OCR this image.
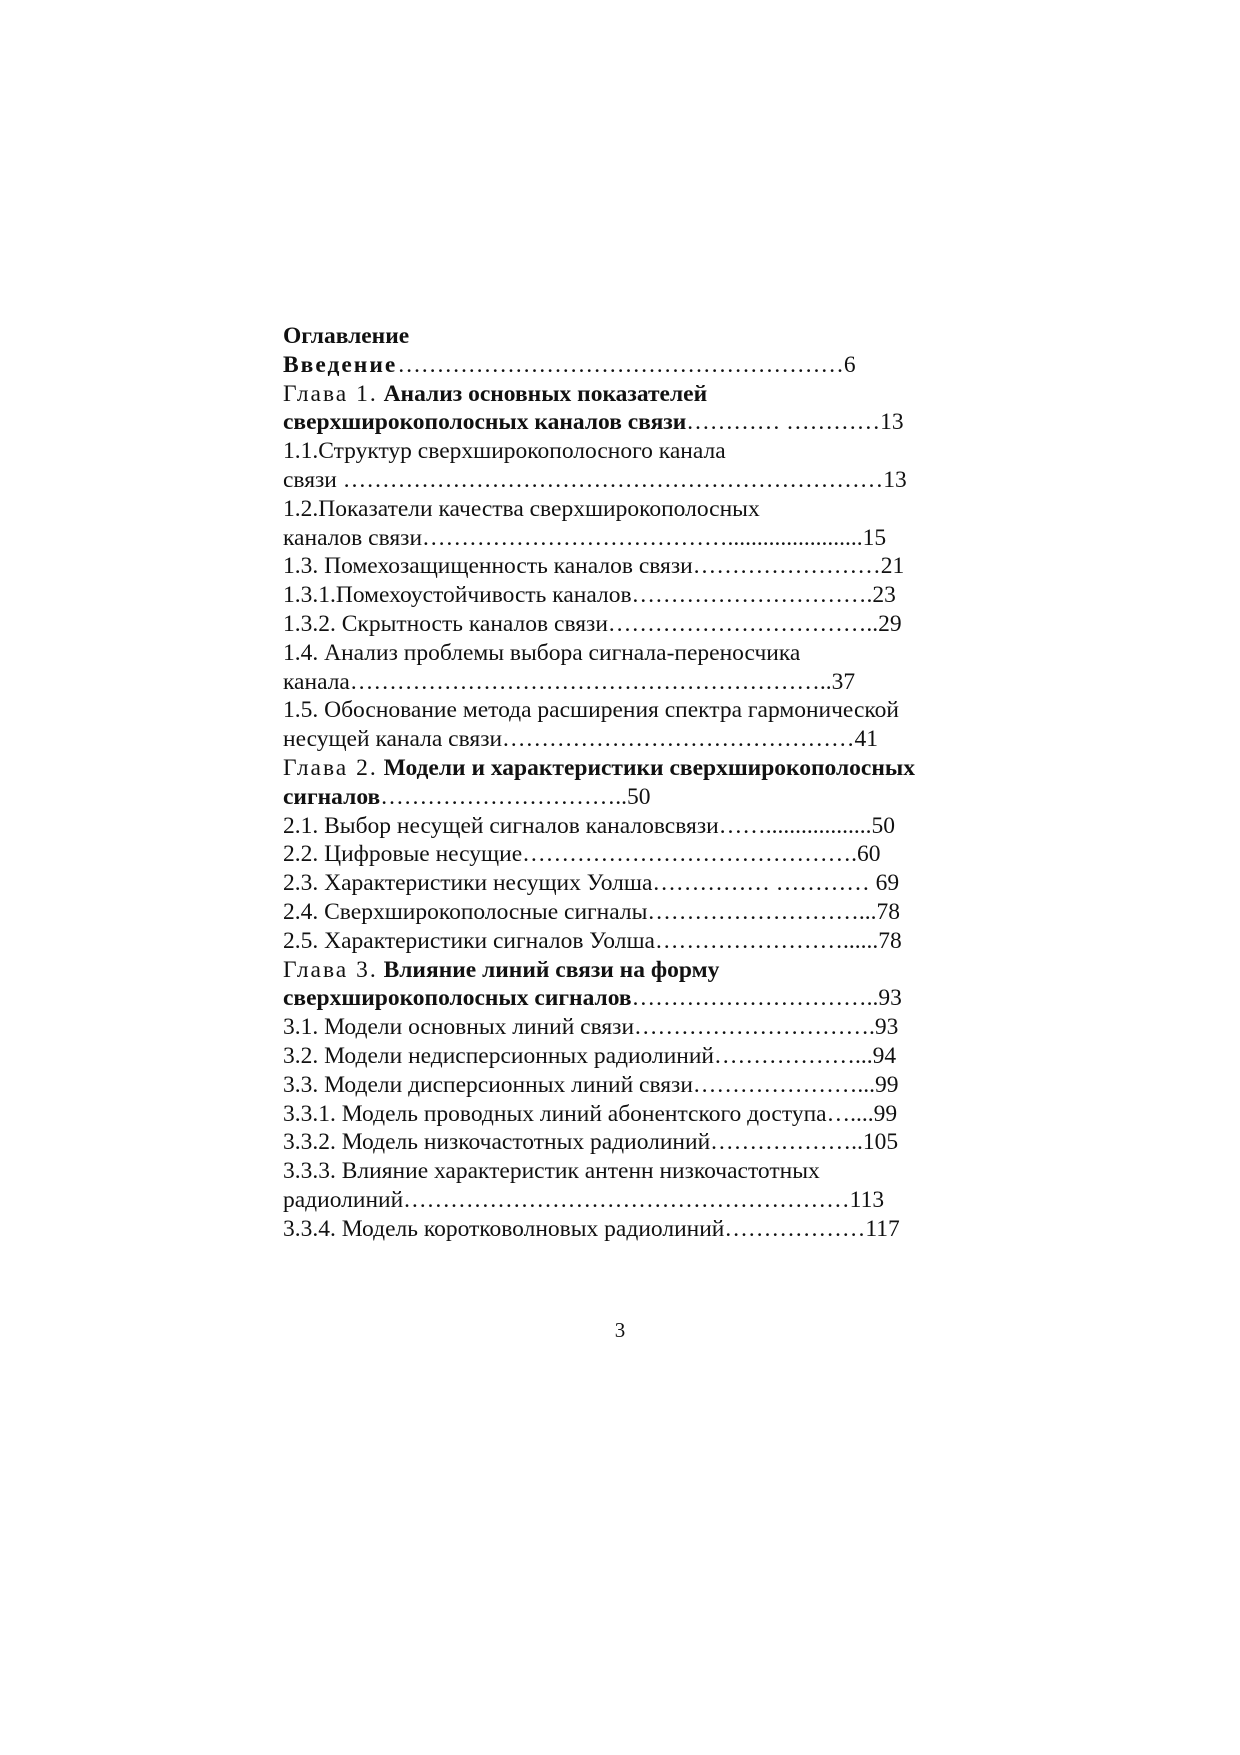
Оглавление
Введение…………………………………………………6
Глава 1. Анализ основных показателей
сверхширокополосных каналов связи………… …………13
1.1.Структур сверхширокополосного канала
связи ……………………………………………………………13
1.2.Показатели качества сверхширокополосных
каналов связи………………………………….......................15
1.3. Помехозащищенность каналов связи……………………21
1.3.1.Помехоустойчивость каналов………………………….23
1.3.2. Скрытность каналов связи……………………………..29
1.4. Анализ проблемы выбора сигнала-переносчика
канала……………………………………………………..37
1.5. Обоснование метода расширения спектра гармонической
несущей канала связи………………………………………41
Глава 2. Модели и характеристики сверхширокополосных
сигналов…………………………..50
2.1. Выбор несущей сигналов каналовсвязи……..................50
2.2. Цифровые несущие…………………………………….60
2.3. Характеристики несущих Уолша…………… ………… 69
2.4. Сверхширокополосные сигналы………………………...78
2.5. Характеристики сигналов Уолша……………………......78
Глава 3. Влияние линий связи на форму
сверхширокополосных сигналов…………………………..93
3.1. Модели основных линий связи………………………….93
3.2. Модели недисперсионных радиолиний………………...94
3.3. Модели дисперсионных линий связи…………………...99
3.3.1. Модель проводных линий абонентского доступа…....99
3.3.2. Модель низкочастотных радиолиний………………..105
3.3.3. Влияние характеристик антенн низкочастотных
радиолиний…………………………………………………113
3.3.4. Модель коротковолновых радиолиний………………117
3
